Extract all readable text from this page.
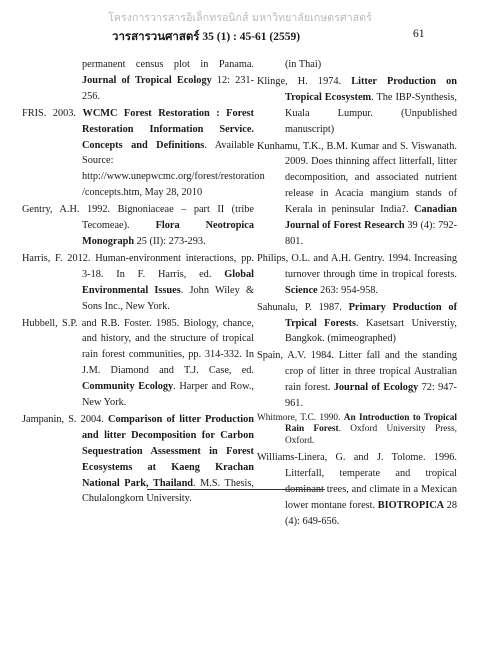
โครงการวารสารอิเล็กทรอนิกส์ มหาวิทยาลัยเกษตรศาสตร์
วารสารวนศาสตร์ 35 (1) : 45-61 (2559)	61

permanent census plot in Panama. Journal of Tropical Ecology 12: 231-256.

FRIS. 2003. WCMC Forest Restoration : Forest Restoration Information Service. Concepts and Definitions. Available Source: http://www.unepwcmc.org/forest/restoration /concepts.htm, May 28, 2010

Gentry, A.H. 1992. Bignoniaceae – part II (tribe Tecomeae). Flora Neotropica Monograph 25 (II): 273-293.

Harris, F. 2012. Human-environment interactions, pp. 3-18. In F. Harris, ed. Global Environmental Issues. John Wiley & Sons Inc., New York.

Hubbell, S.P. and R.B. Foster. 1985. Biology, chance, and history, and the structure of tropical rain forest communities, pp. 314-332. In J.M. Diamond and T.J. Case, ed. Community Ecology. Harper and Row., New York.

Jampanin, S. 2004. Comparison of litter Production and litter Decomposition for Carbon Sequestration Assessment in Forest Ecosystems at Kaeng Krachan National Park, Thailand. M.S. Thesis, Chulalongkorn University.

(in Thai)

Klinge, H. 1974. Litter Production on Tropical Ecosystem. The IBP-Synthesis, Kuala Lumpur. (Unpublished manuscript)

Kunhamu, T.K., B.M. Kumar and S. Viswanath. 2009. Does thinning affect litterfall, litter decomposition, and associated nutrient release in Acacia mangium stands of Kerala in peninsular India?. Canadian Journal of Forest Research 39 (4): 792-801.

Philips, O.L. and A.H. Gentry. 1994. Increasing turnover through time in tropical forests. Science 263: 954-958.

Sahunalu, P. 1987. Primary Production of Trpical Forests. Kasetsart Universtiy, Bangkok. (mimeographed)

Spain, A.V. 1984. Litter fall and the standing crop of litter in three tropical Australian rain forest. Journal of Ecology 72: 947-961.

Whitmore, T.C. 1990. An Introduction to Tropical Rain Forest. Oxford University Press, Oxford.

Williams-Linera, G. and J. Tolome. 1996. Litterfall, temperate and tropical dominant trees, and climate in a Mexican lower montane forest. BIOTROPICA 28 (4): 649-656.
